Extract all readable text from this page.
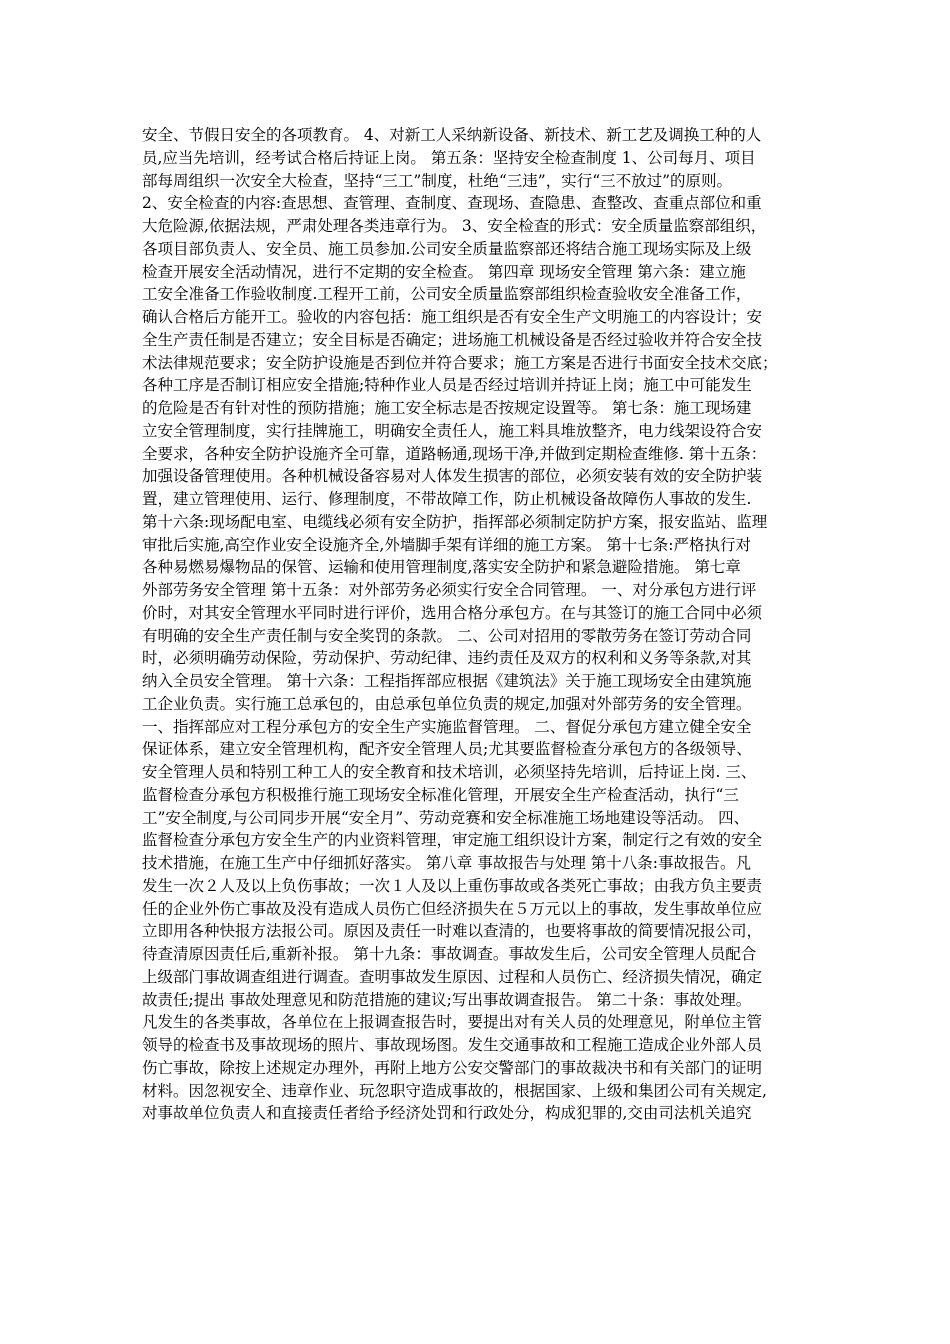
安全、节假日安全的各项教育。 4、对新工人采纳新设备、新技术、新工艺及调换工种的人
员,应当先培训，经考试合格后持证上岗。 第五条：坚持安全检查制度 1、公司每月、项目
部每周组织一次安全大检查，坚持“三工”制度，杜绝“三违”，实行“三不放过”的原则。
2、安全检查的内容:查思想、查管理、查制度、查现场、查隐患、查整改、查重点部位和重
大危险源,依据法规，严肃处理各类违章行为。 3、安全检查的形式：安全质量监察部组织，
各项目部负责人、安全员、施工员参加.公司安全质量监察部还将结合施工现场实际及上级
检查开展安全活动情况，进行不定期的安全检查。 第四章 现场安全管理 第六条：建立施
工安全准备工作验收制度.工程开工前，公司安全质量监察部组织检查验收安全准备工作，
确认合格后方能开工。验收的内容包括：施工组织是否有安全生产文明施工的内容设计；安
全生产责任制是否建立；安全目标是否确定；进场施工机械设备是否经过验收并符合安全技
术法律规范要求；安全防护设施是否到位并符合要求；施工方案是否进行书面安全技术交底；
各种工序是否制订相应安全措施;特种作业人员是否经过培训并持证上岗；施工中可能发生
的危险是否有针对性的预防措施；施工安全标志是否按规定设置等。 第七条：施工现场建
立安全管理制度，实行挂牌施工，明确安全责任人，施工料具堆放整齐，电力线架设符合安
全要求，各种安全防护设施齐全可靠，道路畅通,现场干净,并做到定期检查维修. 第十五条：
加强设备管理使用。各种机械设备容易对人体发生损害的部位，必须安装有效的安全防护装
置，建立管理使用、运行、修理制度，不带故障工作，防止机械设备故障伤人事故的发生.
第十六条:现场配电室、电缆线必须有安全防护，指挥部必须制定防护方案，报安监站、监理
审批后实施,高空作业安全设施齐全,外墙脚手架有详细的施工方案。 第十七条:严格执行对
各种易燃易爆物品的保管、运输和使用管理制度,落实安全防护和紧急避险措施。 第七章
外部劳务安全管理 第十五条：对外部劳务必须实行安全合同管理。 一、对分承包方进行评
价时，对其安全管理水平同时进行评价，选用合格分承包方。在与其签订的施工合同中必须
有明确的安全生产责任制与安全奖罚的条款。 二、公司对招用的零散劳务在签订劳动合同
时，必须明确劳动保险，劳动保护、劳动纪律、违约责任及双方的权利和义务等条款,对其
纳入全员安全管理。 第十六条：工程指挥部应根据《建筑法》关于施工现场安全由建筑施
工企业负责。实行施工总承包的，由总承包单位负责的规定,加强对外部劳务的安全管理。
一、指挥部应对工程分承包方的安全生产实施监督管理。 二、督促分承包方建立健全安全
保证体系，建立安全管理机构，配齐安全管理人员;尤其要监督检查分承包方的各级领导、
安全管理人员和特别工种工人的安全教育和技术培训，必须坚持先培训，后持证上岗. 三、
监督检查分承包方积极推行施工现场安全标准化管理，开展安全生产检查活动，执行“三
工”安全制度,与公司同步开展“安全月”、劳动竞赛和安全标准施工场地建设等活动。 四、
监督检查分承包方安全生产的内业资料管理，审定施工组织设计方案，制定行之有效的安全
技术措施，在施工生产中仔细抓好落实。 第八章 事故报告与处理 第十八条:事故报告。凡
发生一次２人及以上负伤事故；一次１人及以上重伤事故或各类死亡事故；由我方负主要责
任的企业外伤亡事故及没有造成人员伤亡但经济损失在５万元以上的事故，发生事故单位应
立即用各种快报方法报公司。原因及责任一时难以查清的，也要将事故的简要情况报公司，
待查清原因责任后,重新补报。 第十九条：事故调查。事故发生后，公司安全管理人员配合
上级部门事故调查组进行调查。查明事故发生原因、过程和人员伤亡、经济损失情况，确定
故责任;提出 事故处理意见和防范措施的建议;写出事故调查报告。 第二十条：事故处理。
凡发生的各类事故，各单位在上报调查报告时，要提出对有关人员的处理意见，附单位主管
领导的检查书及事故现场的照片、事故现场图。发生交通事故和工程施工造成企业外部人员
伤亡事故，除按上述规定办理外，再附上地方公安交警部门的事故裁决书和有关部门的证明
材料。因忽视安全、违章作业、玩忽职守造成事故的，根据国家、上级和集团公司有关规定,
对事故单位负责人和直接责任者给予经济处罚和行政处分，构成犯罪的,交由司法机关追究
